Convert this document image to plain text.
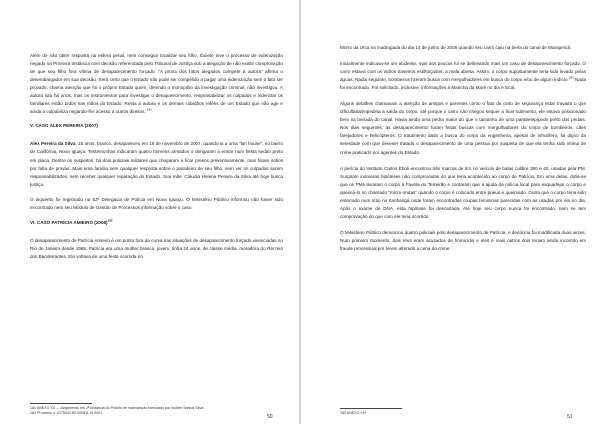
Além de não obter resposta na esfera penal, nem conseguir localizar seu filho, Iboiete teve o processo de indenização negado na Primeira Instância com decisão referendada pelo Tribunal de Justiça sob a alegação de não existir comprovação de que seu filho fora vítima de desaparecimento forçado. "A prova dos fatos alegados compete à autora" afirma o desembargador em sua decisão. Será certo que o Estado não pode ser compelido a pagar uma indenização sem o fato ser provado, chama atenção que foi o próprio Estado quem, detendo o monopólio da investigação criminal, não investigou. A autora luta há anos, mas os instrumentos para investigar o desaparecimento, responsabilizar os culpados e indenizar os familiares estão todos nas mãos do Estado. Resta à autora e os demais cidadãos reféns de um Estado que não age e ainda a culpabiliza negando-lhe acesso a outros direitos. $^{181}$

V. CASO ALEX PEREIRA (2007)

Alex Pereira da Silva, 15 anos, branco, desapareceu em 18 de novembro de 2007, quando ia a uma "lan house", no bairro de Califórnia, Nova Iguaçu. Testemunhas indicaram quatro homens armados o obrigaram a entrar num fiesta sedan preto em placa. Dentre os suspeitos, há dois policiais militares que chegaram a ficar presos preventivamente, mas foram soltos por falta de provas. Mais uma família sem qualquer resposta sobre o paradeiro de seu filho, sem ver os culpados serem responsabilizados, nem receber qualquer reparação do Estado. Sua mãe, Cláudia Helena Pereira da Silva até hoje busca justiça.

O inquérito foi registrado na 52ª Delegacia de Polícia em Nova Iguaçu. O Ministério Público informou não haver sido encontrado nem seu Módulo de Gestão de Processos informação sobre o caso.

VI. CASO PATRÍCIA AMIEIRO $(2008)^{182}$

O desaparecimento de Patrícia Amieiro é um ponto fora da curva nas situações de desaparecimento forçado vivenciadas no Rio de Janeiro desde 1988. Patrícia era uma mulher branca, jovem, tinha 24 anos, de classe média, moradora do Recreio dos Bandeirantes. Ela voltava de uma festa ocorrida no

181 ANEXO XII — Julgamento em 2ª Instância do Pedido de Indenização formulado por Iboiete Santos Silva.
182 Processo n. 0175042-80.2008.8.19.0001
50

Morro da Urca na madrugada do dia 14 de junho de 2008 quando seu carro caiu na beira do canal de Marapendi.

Inicialmente indicava-se um acidente, mas aos poucos foi se delineando mais um caso de desaparecimento forçado. O carro estava com os vidros traseiros estilhaçados, a mala aberta. Assim, o corpo supostamente teria sido levado pelas águas. Nadia seguinte, bombeiros fizeram busca com mergulhadores em busca do corpo e/ou de algum indício.$^{183}$ Nada foi encontrado. Foi solicitado, inclusive, informações à Marinha da Maré no dia e local.

Alguns detalhes chamavam a atenção de amigos e parentes como o fato do cinto de segurança estar travado o que dificultaria/impediria a saída do corpo, até porque o carro não chegou sequer a ficar submerso, ele estava posicionado bem na beirada do canal. Havia ainda uma pedra maior do que o tamanho de uma parabelepípedo preto dos pedais. Nos dias seguintes, as desaparecimento foram feitas buscas com mergulhadores do corpo de bombeiros, cães farejadores e helicópteros. O tratamento dado a busca do corpo da engenheira, apesar de infrutífero, foi digno da seriedade com que deveser tratado o desaparecimento de uma pessoa por suspeita de que ela tenha sido vítima de crime praticado por agentes do Estado.

A perícia do Instituto Carlos Eboli encontrou três marcas de tiro no veículo de balas calibre 380 e 40, usadas pela PM. Surgiram inúmeras hipóteses não comprovadas do que teria acontecido ao corpo de Patrícia. Em uma delas, dizia-se que os PMs levaram o corpo à Favela do Terreirão e contaram que a ajuda da milícia local para esquartejar o corpo e queimá-lo no chamado "micro-ondas" quando o corpo é colocado entre pneus e queimado. Outra que o corpo teria sido enterrado num sítio no Itanhangá onde foram encontradas roupas femininas parecidas com as usadas por ela no dia. Após o exame de DNA, esta hipótese foi descartada. Até hoje seu corpo nunca foi encontrado, nem se tem comprovação do que com ele teria ocorrido.

O Ministério Público denunciou quatro policiais pelo desaparecimento de Patrícia. A denúncia foi modificada duas vezes. Num primeiro momento, dois réus eram acusados de homicídio e eles e mais outros dois teriam ainda incorrido em fraude processual por terem alterado a cena do crime.

183 ANEXO XIV
51
